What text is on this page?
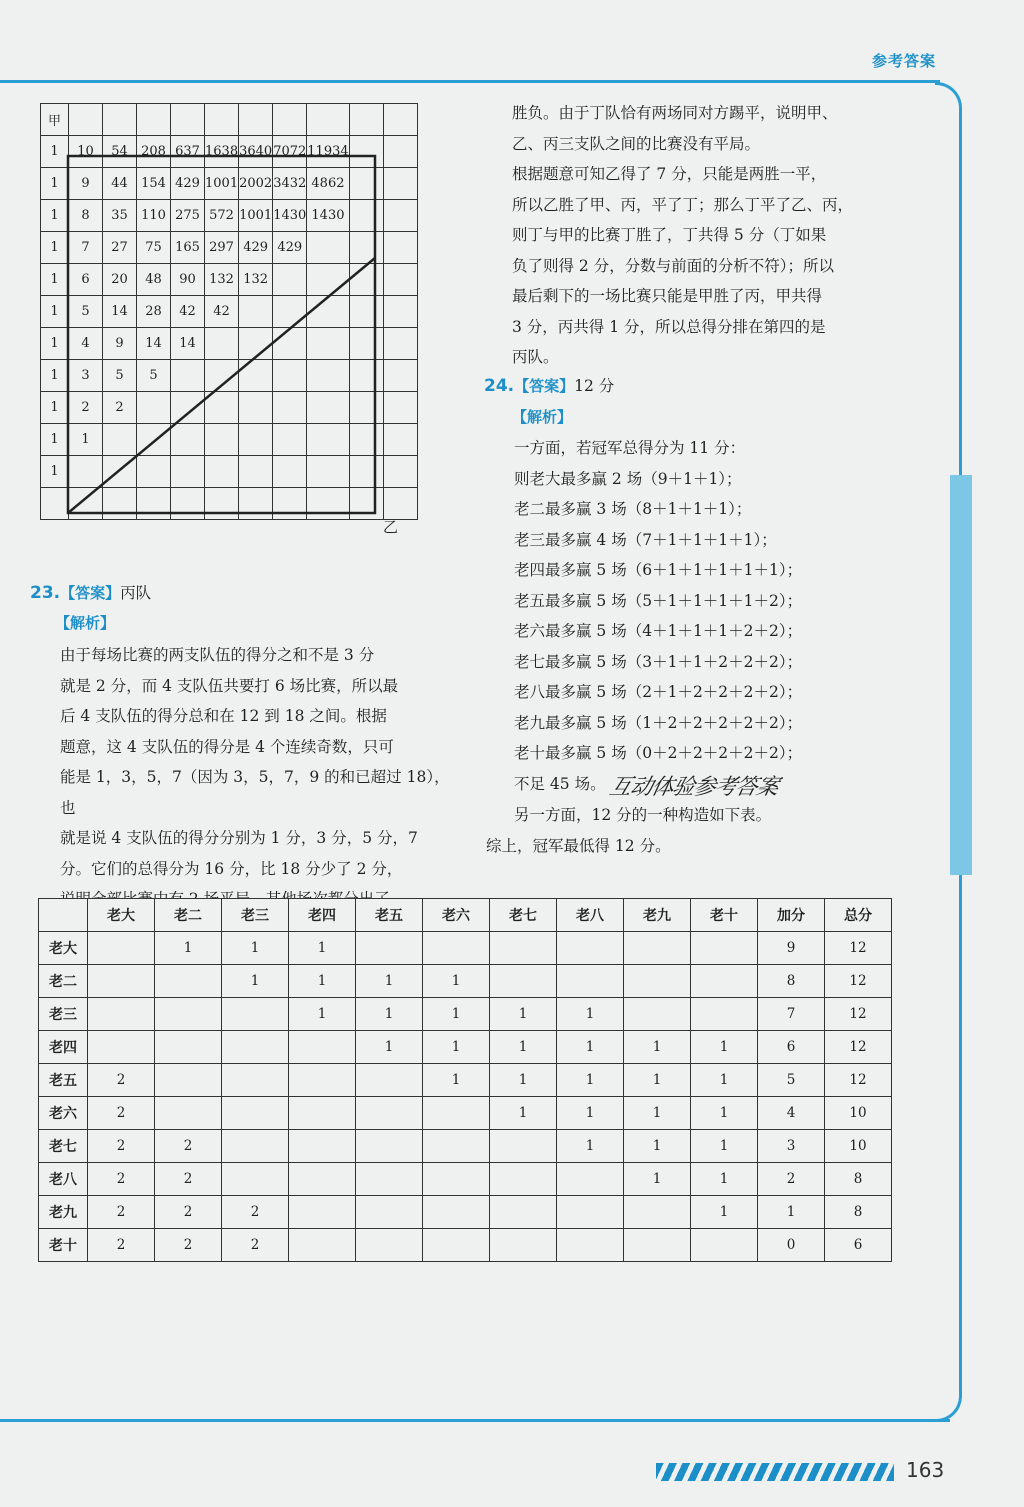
参考答案
甲										
1	10	54	208	637	1638	3640	7072	11934		
1	9	44	154	429	1001	2002	3432	4862		
1	8	35	110	275	572	1001	1430	1430		
1	7	27	75	165	297	429	429			
1	6	20	48	90	132	132				
1	5	14	28	42	42					
1	4	9	14	14						
1	3	5	5							
1	2	2								
1	1									
1										

乙
23.【答案】丙队
【解析】
由于每场比赛的两支队伍的得分之和不是 3 分
就是 2 分，而 4 支队伍共要打 6 场比赛，所以最
后 4 支队伍的得分总和在 12 到 18 之间。根据
题意，这 4 支队伍的得分是 4 个连续奇数，只可
能是 1，3，5，7（因为 3，5，7，9 的和已超过 18），也
就是说 4 支队伍的得分分别为 1 分，3 分，5 分，7
分。它们的总得分为 16 分，比 18 分少了 2 分，
胜负。由于丁队恰有两场同对方踢平，说明甲、
乙、丙三支队之间的比赛没有平局。
根据题意可知乙得了 7 分，只能是两胜一平，
所以乙胜了甲、丙，平了丁；那么丁平了乙、丙，
则丁与甲的比赛丁胜了，丁共得 5 分（丁如果
负了则得 2 分，分数与前面的分析不符）；所以
最后剩下的一场比赛只能是甲胜了丙，甲共得
3 分，丙共得 1 分，所以总得分排在第四的是
丙队。
24.【答案】12 分
【解析】
一方面，若冠军总得分为 11 分：
则老大最多赢 2 场（9＋1＋1）；
老二最多赢 3 场（8＋1＋1＋1）；
老三最多赢 4 场（7＋1＋1＋1＋1）；
老四最多赢 5 场（6＋1＋1＋1＋1＋1）；
老五最多赢 5 场（5＋1＋1＋1＋1＋2）；
老六最多赢 5 场（4＋1＋1＋1＋2＋2）；
老七最多赢 5 场（3＋1＋1＋2＋2＋2）；
老八最多赢 5 场（2＋1＋2＋2＋2＋2）；
老九最多赢 5 场（1＋2＋2＋2＋2＋2）；
老十最多赢 5 场（0＋2＋2＋2＋2＋2）；
不足 45 场。 互动体验参考答案
另一方面，12 分的一种构造如下表。
综上，冠军最低得 12 分。
	老大	老二	老三	老四	老五	老六	老七	老八	老九	老十	加分	总分
老大		1	1	1							9	12
老二			1	1	1	1					8	12
老三				1	1	1	1	1			7	12
老四					1	1	1	1	1	1	6	12
老五	2					1	1	1	1	1	5	12
老六	2						1	1	1	1	4	10
老七	2	2						1	1	1	3	10
老八	2	2							1	1	2	8
老九	2	2	2							1	1	8
老十	2	2	2								0	6
163
